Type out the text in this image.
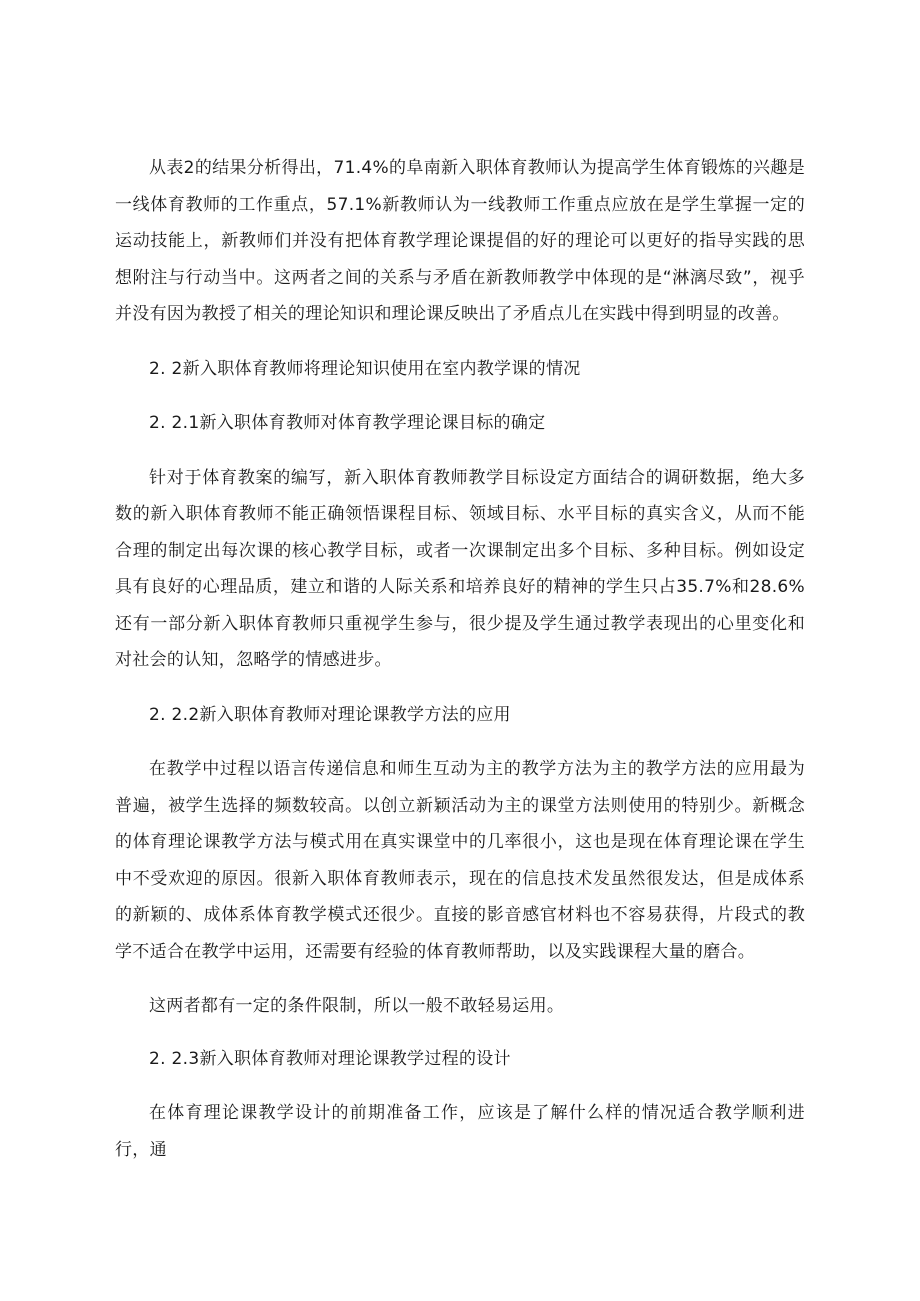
从表2的结果分析得出，71.4%的阜南新入职体育教师认为提高学生体育锻炼的兴趣是一线体育教师的工作重点，57.1%新教师认为一线教师工作重点应放在是学生掌握一定的运动技能上，新教师们并没有把体育教学理论课提倡的好的理论可以更好的指导实践的思想附注与行动当中。这两者之间的关系与矛盾在新教师教学中体现的是“淋漓尽致”，视乎并没有因为教授了相关的理论知识和理论课反映出了矛盾点儿在实践中得到明显的改善。

2. 2新入职体育教师将理论知识使用在室内教学课的情况

2. 2.1新入职体育教师对体育教学理论课目标的确定

针对于体育教案的编写，新入职体育教师教学目标设定方面结合的调研数据，绝大多数的新入职体育教师不能正确领悟课程目标、领域目标、水平目标的真实含义，从而不能合理的制定出每次课的核心教学目标，或者一次课制定出多个目标、多种目标。例如设定具有良好的心理品质，建立和谐的人际关系和培养良好的精神的学生只占35.7%和28.6%还有一部分新入职体育教师只重视学生参与，很少提及学生通过教学表现出的心里变化和对社会的认知，忽略学的情感进步。

2. 2.2新入职体育教师对理论课教学方法的应用

在教学中过程以语言传递信息和师生互动为主的教学方法为主的教学方法的应用最为普遍，被学生选择的频数较高。以创立新颖活动为主的课堂方法则使用的特别少。新概念的体育理论课教学方法与模式用在真实课堂中的几率很小，这也是现在体育理论课在学生中不受欢迎的原因。很新入职体育教师表示，现在的信息技术发虽然很发达，但是成体系的新颖的、成体系体育教学模式还很少。直接的影音感官材料也不容易获得，片段式的教学不适合在教学中运用，还需要有经验的体育教师帮助，以及实践课程大量的磨合。

这两者都有一定的条件限制，所以一般不敢轻易运用。

2. 2.3新入职体育教师对理论课教学过程的设计

在体育理论课教学设计的前期准备工作，应该是了解什么样的情况适合教学顺利进行，通
